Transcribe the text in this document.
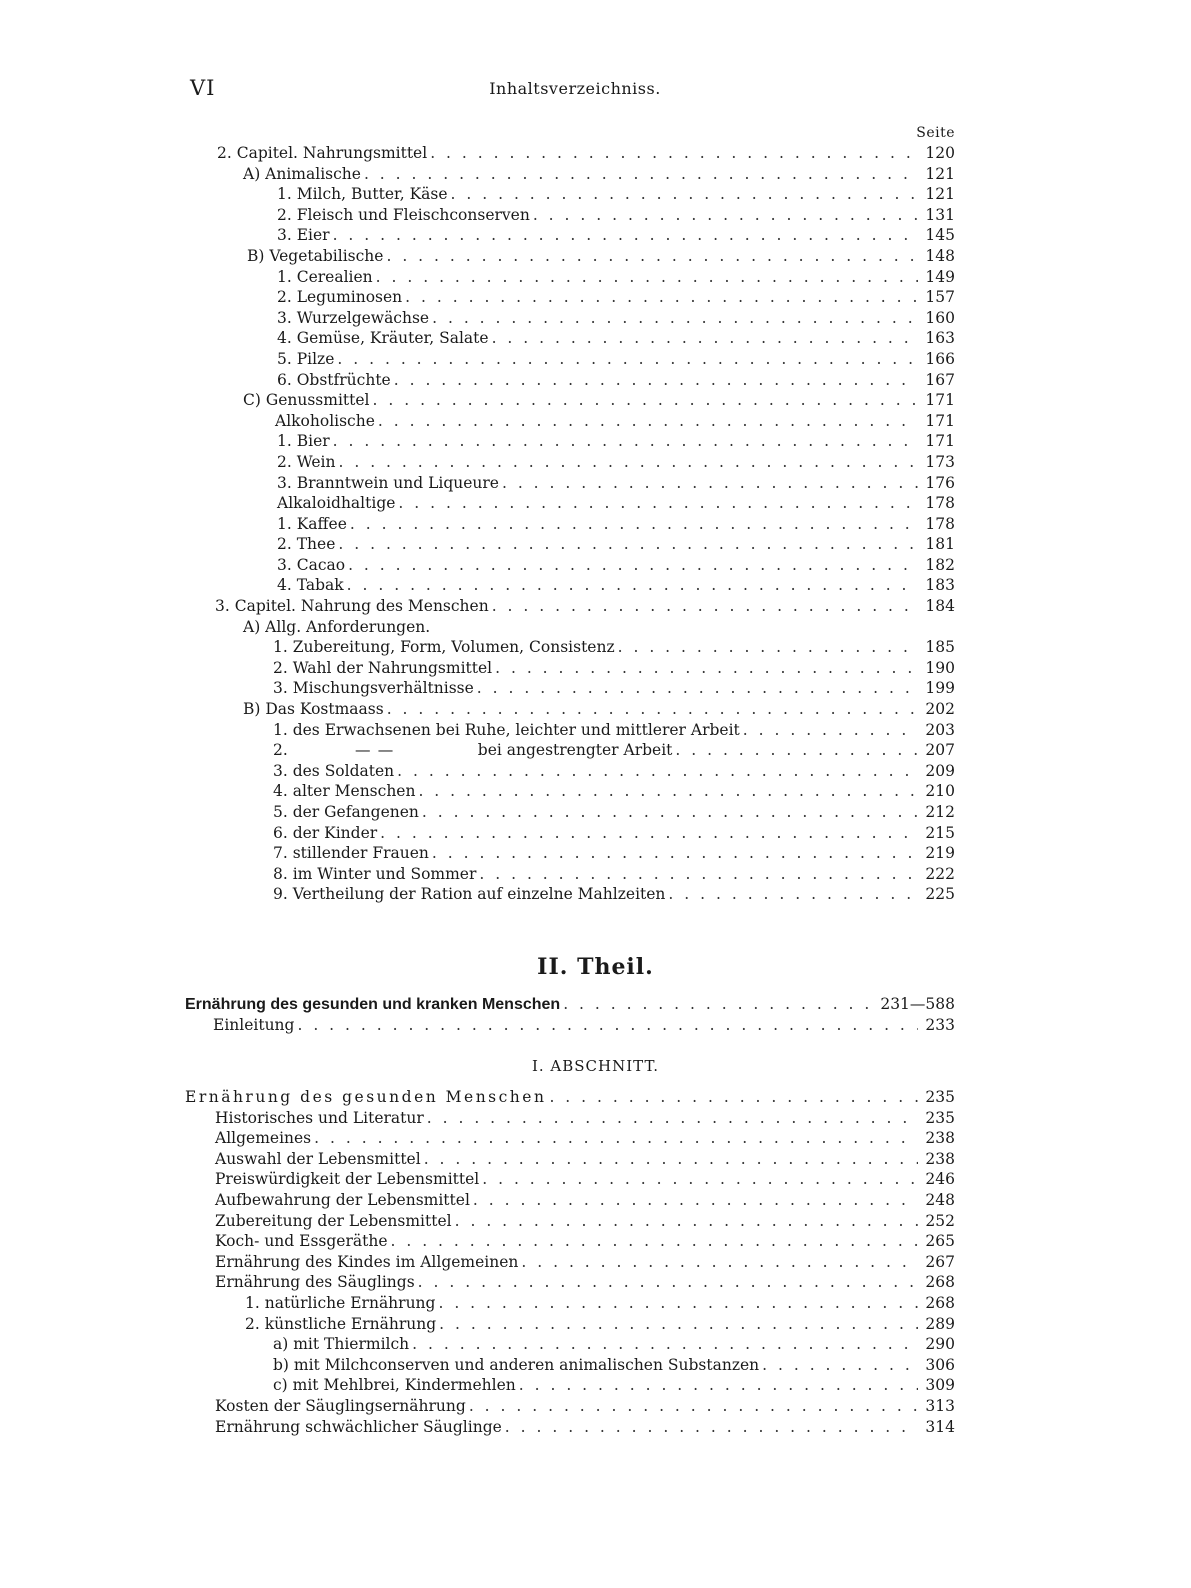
VI	Inhaltsverzeichniss.
Seite
2. Capitel. Nahrungsmittel . . .	120
A) Animalische . . .	121
1. Milch, Butter, Käse . . .	121
2. Fleisch und Fleischconserven . . .	131
3. Eier . . .	145
B) Vegetabilische . . .	148
1. Cerealien . . .	149
2. Leguminosen . . .	157
3. Wurzelgewächse . . .	160
4. Gemüse, Kräuter, Salate . . .	163
5. Pilze . . .	166
6. Obstfrüchte . . .	167
C) Genussmittel . . .	171
Alkoholische . . .	171
1. Bier . . .	171
2. Wein . . .	173
3. Branntwein und Liqueure . . .	176
Alkaloidhaltige . . .	178
1. Kaffee . . .	178
2. Thee . . .	181
3. Cacao . . .	182
4. Tabak . . .	183
3. Capitel. Nahrung des Menschen . . .	184
A) Allg. Anforderungen.
1. Zubereitung, Form, Volumen, Consistenz . . .	185
2. Wahl der Nahrungsmittel . . .	190
3. Mischungsverhältnisse . . .	199
B) Das Kostmaass . . .	202
1. des Erwachsenen bei Ruhe, leichter und mittlerer Arbeit . . .	203
2.	— —	bei angestrengter Arbeit . . .	207
3. des Soldaten . . .	209
4. alter Menschen . . .	210
5. der Gefangenen . . .	212
6. der Kinder . . .	215
7. stillender Frauen . . .	219
8. im Winter und Sommer . . .	222
9. Vertheilung der Ration auf einzelne Mahlzeiten . . .	225
II. Theil.
Ernährung des gesunden und kranken Menschen . . .	231—588
Einleitung . . .	233
I. ABSCHNITT.
Ernährung des gesunden Menschen . . .	235
Historisches und Literatur . . .	235
Allgemeines . . .	238
Auswahl der Lebensmittel . . .	238
Preiswürdigkeit der Lebensmittel . . .	246
Aufbewahrung der Lebensmittel . . .	248
Zubereitung der Lebensmittel . . .	252
Koch- und Essgeräthe . . .	265
Ernährung des Kindes im Allgemeinen . . .	267
Ernährung des Säuglings . . .	268
1. natürliche Ernährung . . .	268
2. künstliche Ernährung . . .	289
a) mit Thiermilch . . .	290
b) mit Milchconserven und anderen animalischen Substanzen . . .	306
c) mit Mehlbrei, Kindermehlen . . .	309
Kosten der Säuglingsernährung . . .	313
Ernährung schwächlicher Säuglinge . . .	314
